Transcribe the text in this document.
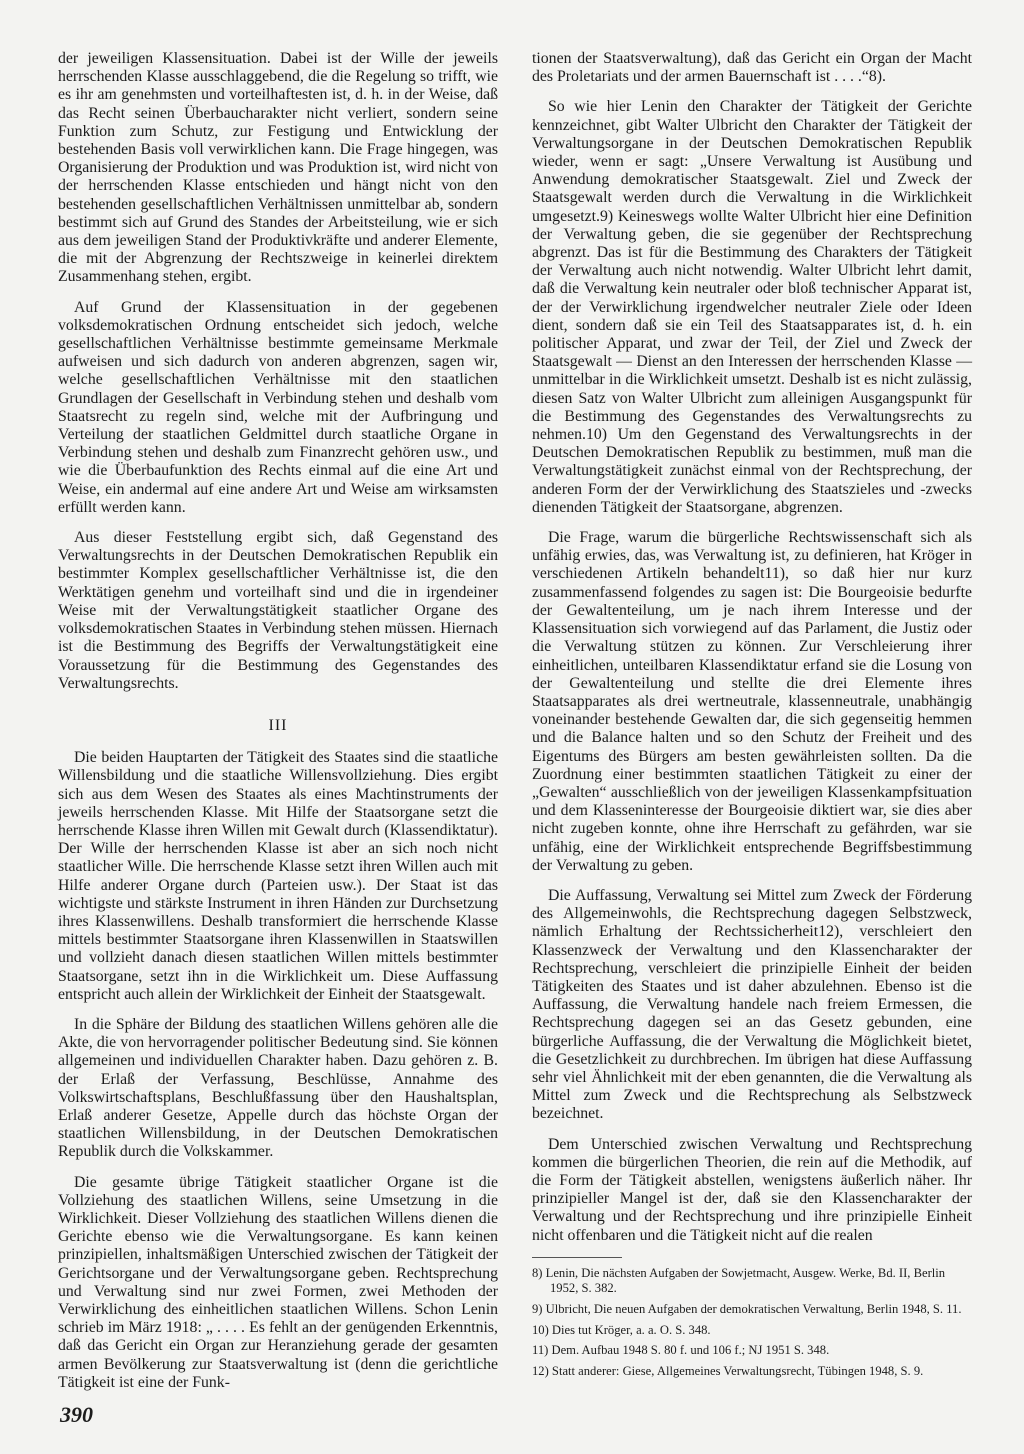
der jeweiligen Klassensituation. Dabei ist der Wille der jeweils herrschenden Klasse ausschlaggebend, die die Regelung so trifft, wie es ihr am genehmsten und vorteilhaftesten ist, d. h. in der Weise, daß das Recht seinen Überbaucharakter nicht verliert, sondern seine Funktion zum Schutz, zur Festigung und Entwicklung der bestehenden Basis voll verwirklichen kann. Die Frage hingegen, was Organisierung der Produktion und was Produktion ist, wird nicht von der herrschenden Klasse entschieden und hängt nicht von den bestehenden gesellschaftlichen Verhältnissen unmittelbar ab, sondern bestimmt sich auf Grund des Standes der Arbeitsteilung, wie er sich aus dem jeweiligen Stand der Produktivkräfte und anderer Elemente, die mit der Abgrenzung der Rechtszweige in keinerlei direktem Zusammenhang stehen, ergibt.

Auf Grund der Klassensituation in der gegebenen volksdemokratischen Ordnung entscheidet sich jedoch, welche gesellschaftlichen Verhältnisse bestimmte gemeinsame Merkmale aufweisen und sich dadurch von anderen abgrenzen, sagen wir, welche gesellschaftlichen Verhältnisse mit den staatlichen Grundlagen der Gesellschaft in Verbindung stehen und deshalb vom Staatsrecht zu regeln sind, welche mit der Aufbringung und Verteilung der staatlichen Geldmittel durch staatliche Organe in Verbindung stehen und deshalb zum Finanzrecht gehören usw., und wie die Überbaufunktion des Rechts einmal auf die eine Art und Weise, ein andermal auf eine andere Art und Weise am wirksamsten erfüllt werden kann.

Aus dieser Feststellung ergibt sich, daß Gegenstand des Verwaltungsrechts in der Deutschen Demokratischen Republik ein bestimmter Komplex gesellschaftlicher Verhältnisse ist, die den Werktätigen genehm und vorteilhaft sind und die in irgendeiner Weise mit der Verwaltungstätigkeit staatlicher Organe des volksdemokratischen Staates in Verbindung stehen müssen. Hiernach ist die Bestimmung des Begriffs der Verwaltungstätigkeit eine Voraussetzung für die Bestimmung des Gegenstandes des Verwaltungsrechts.

III

Die beiden Hauptarten der Tätigkeit des Staates sind die staatliche Willensbildung und die staatliche Willensvollziehung. Dies ergibt sich aus dem Wesen des Staates als eines Machtinstruments der jeweils herrschenden Klasse. Mit Hilfe der Staatsorgane setzt die herrschende Klasse ihren Willen mit Gewalt durch (Klassendiktatur). Der Wille der herrschenden Klasse ist aber an sich noch nicht staatlicher Wille. Die herrschende Klasse setzt ihren Willen auch mit Hilfe anderer Organe durch (Parteien usw.). Der Staat ist das wichtigste und stärkste Instrument in ihren Händen zur Durchsetzung ihres Klassenwillens. Deshalb transformiert die herrschende Klasse mittels bestimmter Staatsorgane ihren Klassenwillen in Staatswillen und vollzieht danach diesen staatlichen Willen mittels bestimmter Staatsorgane, setzt ihn in die Wirklichkeit um. Diese Auffassung entspricht auch allein der Wirklichkeit der Einheit der Staatsgewalt.

In die Sphäre der Bildung des staatlichen Willens gehören alle die Akte, die von hervorragender politischer Bedeutung sind. Sie können allgemeinen und individuellen Charakter haben. Dazu gehören z. B. der Erlaß der Verfassung, Beschlüsse, Annahme des Volkswirtschaftsplans, Beschlußfassung über den Haushaltsplan, Erlaß anderer Gesetze, Appelle durch das höchste Organ der staatlichen Willensbildung, in der Deutschen Demokratischen Republik durch die Volkskammer.

Die gesamte übrige Tätigkeit staatlicher Organe ist die Vollziehung des staatlichen Willens, seine Umsetzung in die Wirklichkeit. Dieser Vollziehung des staatlichen Willens dienen die Gerichte ebenso wie die Verwaltungsorgane. Es kann keinen prinzipiellen, inhaltsmäßigen Unterschied zwischen der Tätigkeit der Gerichtsorgane und der Verwaltungsorgane geben. Rechtsprechung und Verwaltung sind nur zwei Formen, zwei Methoden der Verwirklichung des einheitlichen staatlichen Willens. Schon Lenin schrieb im März 1918: „ . . . . Es fehlt an der genügenden Erkenntnis, daß das Gericht ein Organ zur Heranziehung gerade der gesamten armen Bevölkerung zur Staatsverwaltung ist (denn die gerichtliche Tätigkeit ist eine der Funk-

tionen der Staatsverwaltung), daß das Gericht ein Organ der Macht des Proletariats und der armen Bauernschaft ist . . . .“8).

So wie hier Lenin den Charakter der Tätigkeit der Gerichte kennzeichnet, gibt Walter Ulbricht den Charakter der Tätigkeit der Verwaltungsorgane in der Deutschen Demokratischen Republik wieder, wenn er sagt: „Unsere Verwaltung ist Ausübung und Anwendung demokratischer Staatsgewalt. Ziel und Zweck der Staatsgewalt werden durch die Verwaltung in die Wirklichkeit umgesetzt.9) Keineswegs wollte Walter Ulbricht hier eine Definition der Verwaltung geben, die sie gegenüber der Rechtsprechung abgrenzt. Das ist für die Bestimmung des Charakters der Tätigkeit der Verwaltung auch nicht notwendig. Walter Ulbricht lehrt damit, daß die Verwaltung kein neutraler oder bloß technischer Apparat ist, der der Verwirklichung irgendwelcher neutraler Ziele oder Ideen dient, sondern daß sie ein Teil des Staatsapparates ist, d. h. ein politischer Apparat, und zwar der Teil, der Ziel und Zweck der Staatsgewalt — Dienst an den Interessen der herrschenden Klasse — unmittelbar in die Wirklichkeit umsetzt. Deshalb ist es nicht zulässig, diesen Satz von Walter Ulbricht zum alleinigen Ausgangspunkt für die Bestimmung des Gegenstandes des Verwaltungsrechts zu nehmen.10) Um den Gegenstand des Verwaltungsrechts in der Deutschen Demokratischen Republik zu bestimmen, muß man die Verwaltungstätigkeit zunächst einmal von der Rechtsprechung, der anderen Form der der Verwirklichung des Staatszieles und -zwecks dienenden Tätigkeit der Staatsorgane, abgrenzen.

Die Frage, warum die bürgerliche Rechtswissenschaft sich als unfähig erwies, das, was Verwaltung ist, zu definieren, hat Kröger in verschiedenen Artikeln behandelt11), so daß hier nur kurz zusammenfassend folgendes zu sagen ist: Die Bourgeoisie bedurfte der Gewaltenteilung, um je nach ihrem Interesse und der Klassensituation sich vorwiegend auf das Parlament, die Justiz oder die Verwaltung stützen zu können. Zur Verschleierung ihrer einheitlichen, unteilbaren Klassendiktatur erfand sie die Losung von der Gewaltenteilung und stellte die drei Elemente ihres Staatsapparates als drei wertneutrale, klassenneutrale, unabhängig voneinander bestehende Gewalten dar, die sich gegenseitig hemmen und die Balance halten und so den Schutz der Freiheit und des Eigentums des Bürgers am besten gewährleisten sollten. Da die Zuordnung einer bestimmten staatlichen Tätigkeit zu einer der „Gewalten“ ausschließlich von der jeweiligen Klassenkampfsituation und dem Klasseninteresse der Bourgeoisie diktiert war, sie dies aber nicht zugeben konnte, ohne ihre Herrschaft zu gefährden, war sie unfähig, eine der Wirklichkeit entsprechende Begriffsbestimmung der Verwaltung zu geben.

Die Auffassung, Verwaltung sei Mittel zum Zweck der Förderung des Allgemeinwohls, die Rechtsprechung dagegen Selbstzweck, nämlich Erhaltung der Rechtssicherheit12), verschleiert den Klassenzweck der Verwaltung und den Klassencharakter der Rechtsprechung, verschleiert die prinzipielle Einheit der beiden Tätigkeiten des Staates und ist daher abzulehnen. Ebenso ist die Auffassung, die Verwaltung handele nach freiem Ermessen, die Rechtsprechung dagegen sei an das Gesetz gebunden, eine bürgerliche Auffassung, die der Verwaltung die Möglichkeit bietet, die Gesetzlichkeit zu durchbrechen. Im übrigen hat diese Auffassung sehr viel Ähnlichkeit mit der eben genannten, die die Verwaltung als Mittel zum Zweck und die Rechtsprechung als Selbstzweck bezeichnet.

Dem Unterschied zwischen Verwaltung und Rechtsprechung kommen die bürgerlichen Theorien, die rein auf die Methodik, auf die Form der Tätigkeit abstellen, wenigstens äußerlich näher. Ihr prinzipieller Mangel ist der, daß sie den Klassencharakter der Verwaltung und der Rechtsprechung und ihre prinzipielle Einheit nicht offenbaren und die Tätigkeit nicht auf die realen

8) Lenin, Die nächsten Aufgaben der Sowjetmacht, Ausgew. Werke, Bd. II, Berlin 1952, S. 382.
9) Ulbricht, Die neuen Aufgaben der demokratischen Verwaltung, Berlin 1948, S. 11.
10) Dies tut Kröger, a. a. O. S. 348.
11) Dem. Aufbau 1948 S. 80 f. und 106 f.; NJ 1951 S. 348.
12) Statt anderer: Giese, Allgemeines Verwaltungsrecht, Tübingen 1948, S. 9.
390
